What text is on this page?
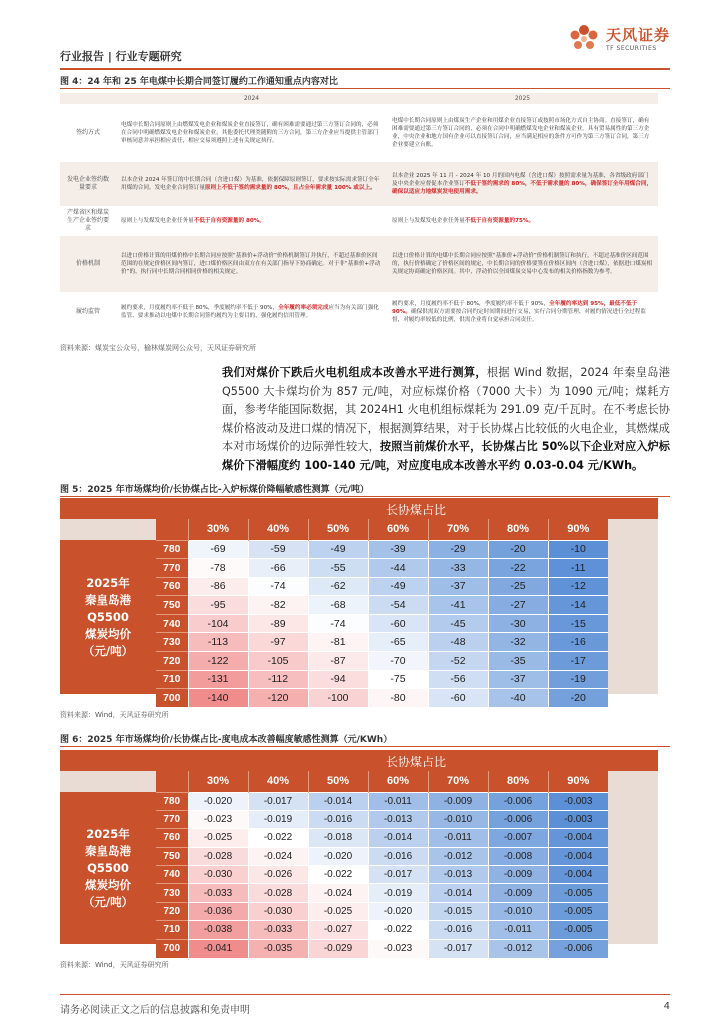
行业报告 | 行业专题研究
天风证券
TF SECURITIES
图 4：24 年和 25 年电煤中长期合同签订履约工作通知重点内容对比
	2024	2025
签约方式	电煤中长期合同原则上由燃煤发电企业和煤炭企业直接签订，确有困难需要通过第三方签订合同的，必须在合同中明确燃煤发电企业和煤炭企业。其他委托代理类随附的三方合同，第三方企业应当提供主管部门审核同意并承担相应责任，相应交易须遵照上述有关规定执行。	电煤中长期合同原则上由煤炭生产企业和用煤企业直接签订或按照市场化方式自主协商。直接签订，确有困难需要通过第三方签订合同的，必须在合同中明确燃煤发电企业和煤炭企业。具有贸易属性的第三方企业，中央企业和地方国有企业可以直接签订合同，应当满足相应的条件方可作为第三方签订合同，第三方企业要建立台账。
发电企业签约数量要求	以本企业 2024 年签订的中长期合同（含进口煤）为基准，依据保障原则签订，要求按实际需求签订全年用煤的合同。发电企业合同签订量原则上不低于签约需求量的 80%，且占全年需求量 100% 或以上。	以本企业 2025 年 11 月 - 2024 年 10 月的国内电煤（含进口煤）按照需求量为基准，各省级政府部门及中央企业应督促本企业签订不低于签约需求的 80%，不低于需求量的 80%，确保签订全年用煤合同，确保以适应力地煤炭发电使用需求。
产煤省区和煤炭生产企业签约要求	原则上与发煤发电企业任务量不低于自有资源量的 80%。	原则上与发煤发电企业任务量不低于自有资源量的75%。
价格机制	以进口价格计算的用煤价格中长期合同应按照“基准价+浮动价”价格机制签订并执行，不超过基准价区间范围的在规定价格区间内签订，进口煤价格区间由双方在有关部门指导下协商确定。对于非“基准价+浮动价”的，执行同中长期合同相同价格的相关规定。	以进口价格计算的电煤中长期合同应按照“基准价+浮动价”价格机制签订和执行，不超过基准价区间范围的，执行价格确定了价格区间的规定，中长期合同的价格要签在价格区间内（含进口煤），依据进口煤炭相关规定协商确定价格区间。其中，浮动价以全国煤炭交易中心发布的相关价格指数为参考。
履约监管	履约要求，月度履约率不低于 80%，季度履约率不低于 90%，全年履约率必须完成应当为有关部门强化监管、要求推动以电煤中长期合同签约履约为主要目的，强化履约信用管理。	履约要求，月度履约率不低于 80%，季度履约率不低于 90%，全年履约率达到 95%，最低不低于 90%。确保供需双方需要按合同约定时间期间进行交易，实行合同分期管理、对履约情况进行全过程监督，对履约率较低的比例，供需企业将自觉承担合同责任。
资料来源：煤炭宝公众号，榆林煤炭网公众号，天风证券研究所
我们对煤价下跌后火电机组成本改善水平进行测算，根据 Wind 数据，2024 年秦皇岛港 Q5500 大卡煤均价为 857 元/吨，对应标煤价格（7000 大卡）为 1090 元/吨；煤耗方面，参考华能国际数据，其 2024H1 火电机组标煤耗为 291.09 克/千瓦时。在不考虑长协煤价格波动及进口煤的情况下，根据测算结果，对于长协煤占比较低的火电企业，其燃煤成本对市场煤价的边际弹性较大，按照当前煤价水平，长协煤占比 50%以下企业对应入炉标煤价下滑幅度约 100-140 元/吨，对应度电成本改善水平约 0.03-0.04 元/KWh。
图 5：2025 年市场煤均价/长协煤占比-入炉标煤价降幅敏感性测算（元/吨）
长协煤占比
2025年
秦皇岛港
Q5500
煤炭均价
（元/吨）
	30%	40%	50%	60%	70%	80%	90%
780	-69	-59	-49	-39	-29	-20	-10
770	-78	-66	-55	-44	-33	-22	-11
760	-86	-74	-62	-49	-37	-25	-12
750	-95	-82	-68	-54	-41	-27	-14
740	-104	-89	-74	-60	-45	-30	-15
730	-113	-97	-81	-65	-48	-32	-16
720	-122	-105	-87	-70	-52	-35	-17
710	-131	-112	-94	-75	-56	-37	-19
700	-140	-120	-100	-80	-60	-40	-20
资料来源：Wind，天风证券研究所
图 6：2025 年市场煤均价/长协煤占比-度电成本改善幅度敏感性测算（元/KWh）
长协煤占比
2025年
秦皇岛港
Q5500
煤炭均价
（元/吨）
	30%	40%	50%	60%	70%	80%	90%
780	-0.020	-0.017	-0.014	-0.011	-0.009	-0.006	-0.003
770	-0.023	-0.019	-0.016	-0.013	-0.010	-0.006	-0.003
760	-0.025	-0.022	-0.018	-0.014	-0.011	-0.007	-0.004
750	-0.028	-0.024	-0.020	-0.016	-0.012	-0.008	-0.004
740	-0.030	-0.026	-0.022	-0.017	-0.013	-0.009	-0.004
730	-0.033	-0.028	-0.024	-0.019	-0.014	-0.009	-0.005
720	-0.036	-0.030	-0.025	-0.020	-0.015	-0.010	-0.005
710	-0.038	-0.033	-0.027	-0.022	-0.016	-0.011	-0.005
700	-0.041	-0.035	-0.029	-0.023	-0.017	-0.012	-0.006
资料来源：Wind，天风证券研究所
请务必阅读正文之后的信息披露和免责申明	4
